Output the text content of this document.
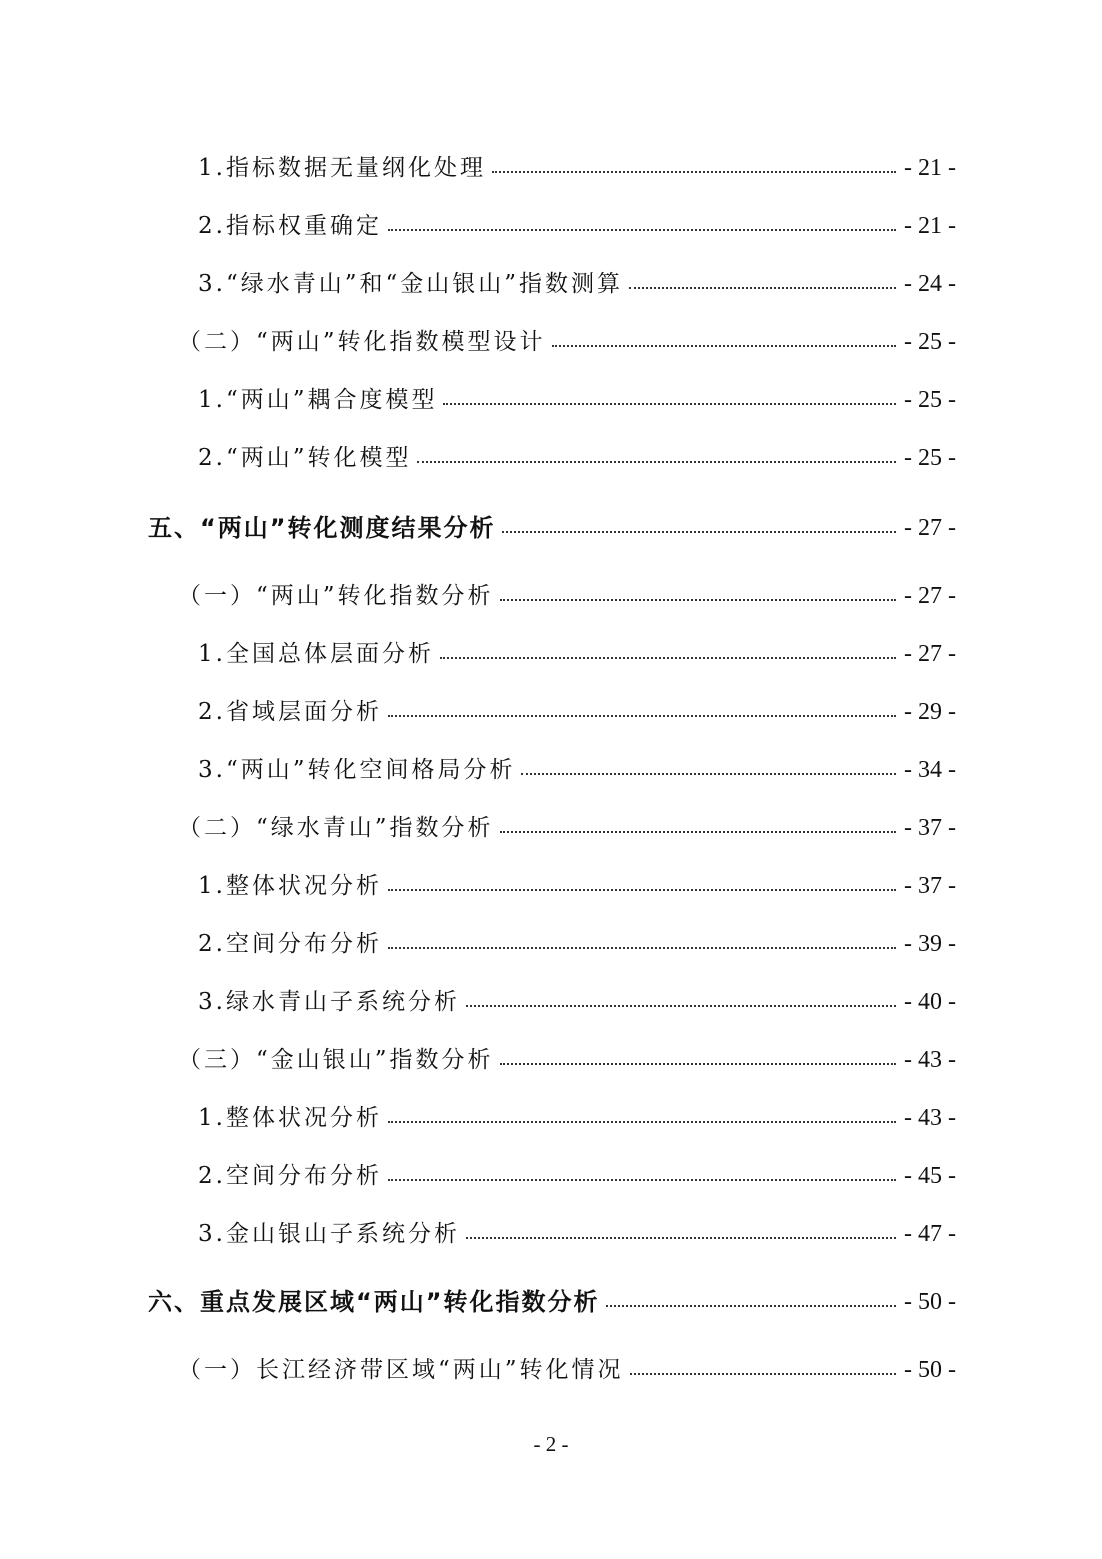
1.指标数据无量纲化处理	- 21 -
2.指标权重确定	- 21 -
3.“绿水青山”和“金山银山”指数测算	- 24 -
（二）“两山”转化指数模型设计	- 25 -
1.“两山”耦合度模型	- 25 -
2.“两山”转化模型	- 25 -
五、“两山”转化测度结果分析	- 27 -
（一）“两山”转化指数分析	- 27 -
1.全国总体层面分析	- 27 -
2.省域层面分析	- 29 -
3.“两山”转化空间格局分析	- 34 -
（二）“绿水青山”指数分析	- 37 -
1.整体状况分析	- 37 -
2.空间分布分析	- 39 -
3.绿水青山子系统分析	- 40 -
（三）“金山银山”指数分析	- 43 -
1.整体状况分析	- 43 -
2.空间分布分析	- 45 -
3.金山银山子系统分析	- 47 -
六、重点发展区域“两山”转化指数分析	- 50 -
（一）长江经济带区域“两山”转化情况	- 50 -
- 2 -
